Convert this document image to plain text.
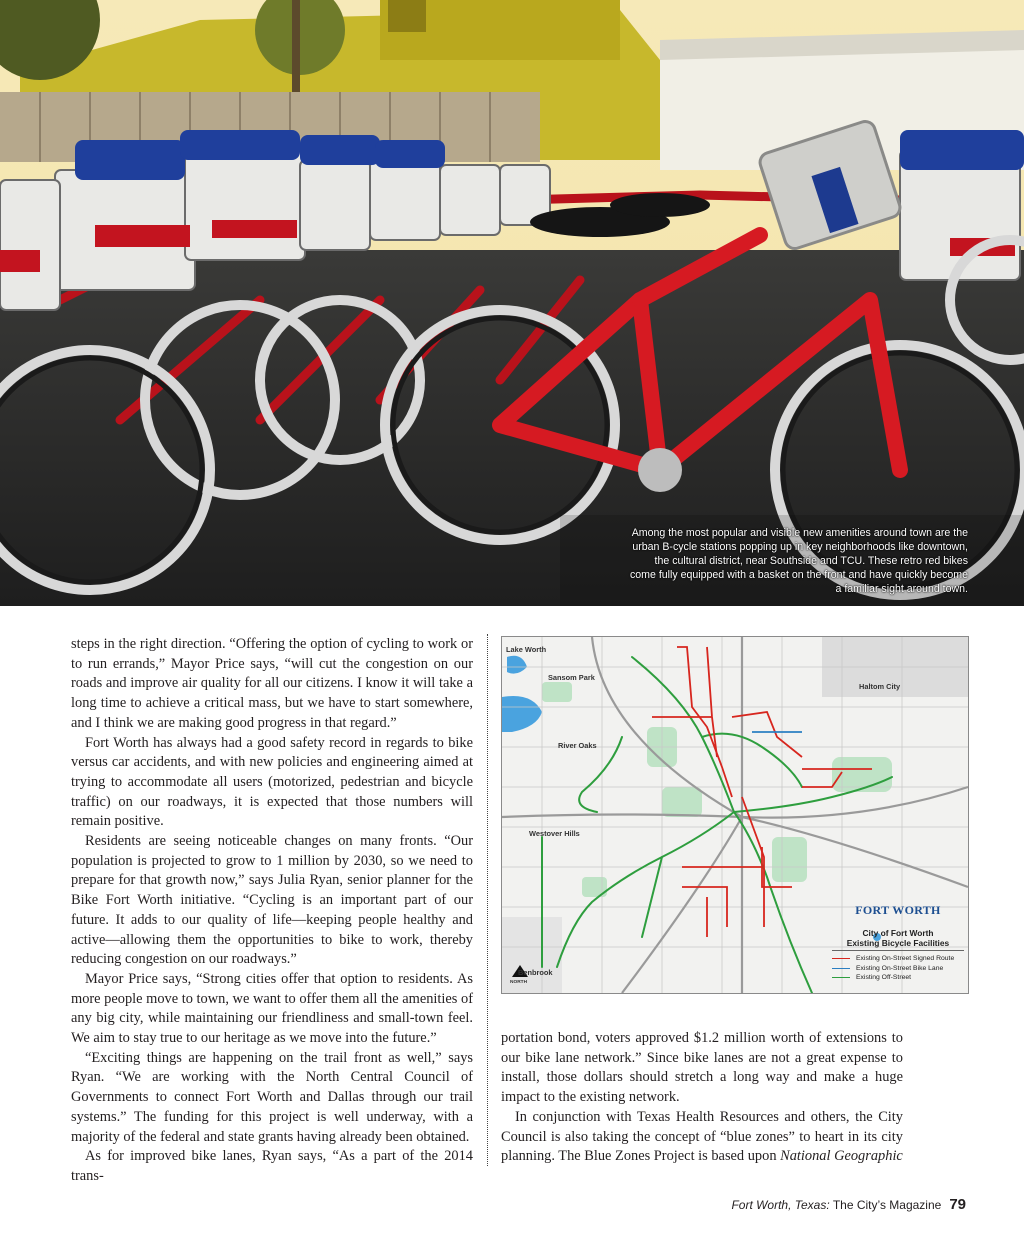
Among the most popular and visible new amenities around town are the urban B-cycle stations popping up in key neighborhoods like downtown, the cultural district, near Southside and TCU. These retro red bikes come fully equipped with a basket on the front and have quickly become a familiar sight around town.

steps in the right direction. “Offering the option of cycling to work or to run errands,” Mayor Price says, “will cut the congestion on our roads and improve air quality for all our citizens. I know it will take a long time to achieve a critical mass, but we have to start somewhere, and I think we are making good progress in that regard.”

Fort Worth has always had a good safety record in regards to bike versus car accidents, and with new policies and engineering aimed at trying to accommodate all users (motorized, pedestrian and bicycle traffic) on our roadways, it is expected that those numbers will remain positive.

Residents are seeing noticeable changes on many fronts. “Our population is projected to grow to 1 million by 2030, so we need to prepare for that growth now,” says Julia Ryan, senior planner for the Bike Fort Worth initiative. “Cycling is an important part of our future. It adds to our quality of life—keeping people healthy and active—allowing them the opportunities to bike to work, thereby reducing congestion on our roadways.”

Mayor Price says, “Strong cities offer that option to residents. As more people move to town, we want to offer them all the amenities of any big city, while maintaining our friendliness and small-town feel. We aim to stay true to our heritage as we move into the future.”

“Exciting things are happening on the trail front as well,” says Ryan. “We are working with the North Central Council of Governments to connect Fort Worth and Dallas through our trail systems.” The funding for this project is well underway, with a majority of the federal and state grants having already been obtained.

As for improved bike lanes, Ryan says, “As a part of the 2014 trans-

Lake Worth
Sansom Park
Haltom City
River Oaks
Westover Hills
Benbrook
NORTH
FORT WORTH
City of Fort Worth
Existing Bicycle Facilities
Existing On-Street Signed Route
Existing On-Street Bike Lane
Existing Off-Street

portation bond, voters approved $1.2 million worth of extensions to our bike lane network.” Since bike lanes are not a great expense to install, those dollars should stretch a long way and make a huge impact to the existing network.

In conjunction with Texas Health Resources and others, the City Council is also taking the concept of “blue zones” to heart in its city planning. The Blue Zones Project is based upon National Geographic

Fort Worth, Texas: The City’s Magazine 79
